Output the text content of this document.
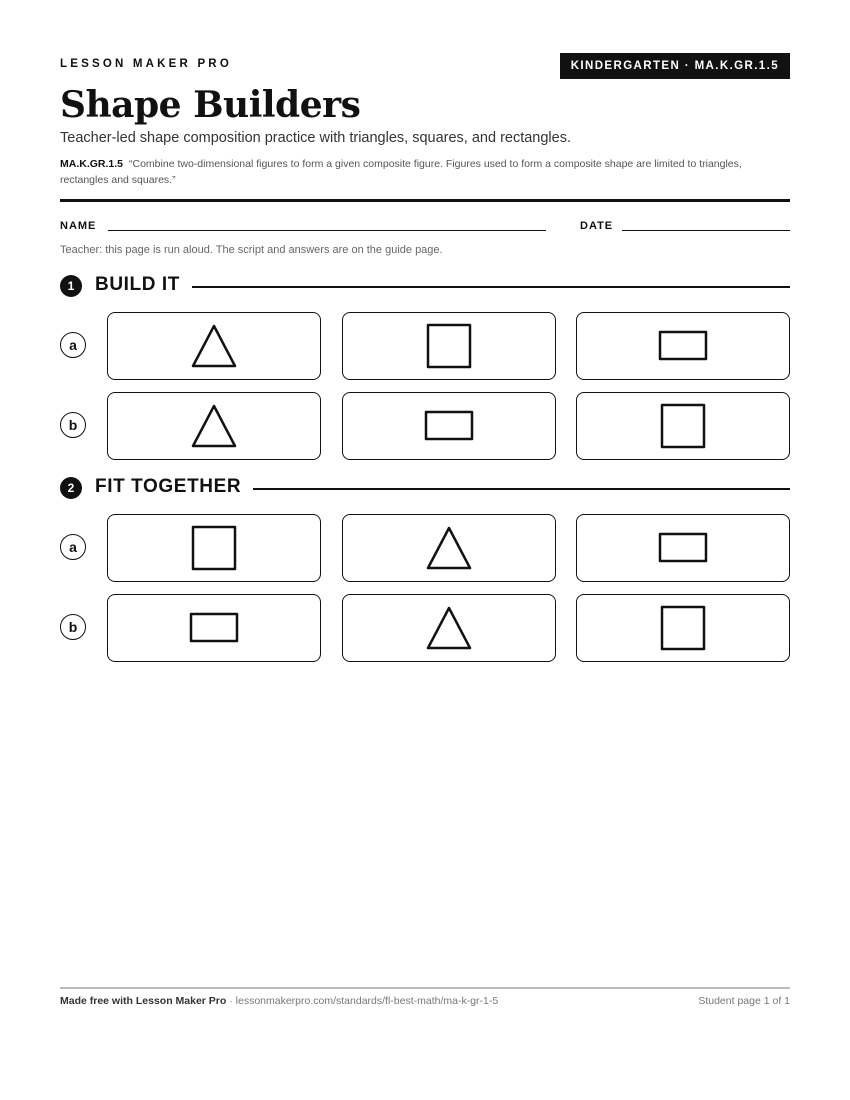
LESSON MAKER PRO	KINDERGARTEN · MA.K.GR.1.5
Shape Builders
Teacher-led shape composition practice with triangles, squares, and rectangles.
MA.K.GR.1.5 “Combine two-dimensional figures to form a given composite figure. Figures used to form a composite shape are limited to triangles, rectangles and squares.”
NAME	DATE
Teacher: this page is run aloud. The script and answers are on the guide page.
1	BUILD IT
a
b
2	FIT TOGETHER
a
b
Made free with Lesson Maker Pro · lessonmakerpro.com/standards/fl-best-math/ma-k-gr-1-5	Student page 1 of 1
